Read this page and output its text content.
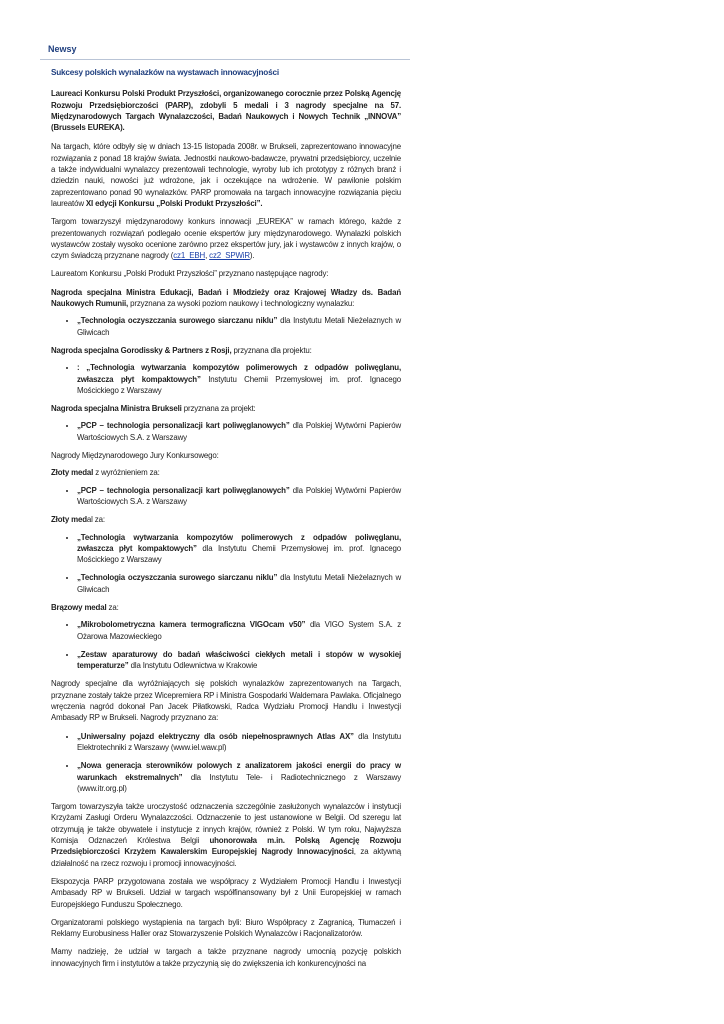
Newsy
Sukcesy polskich wynalazków na wystawach innowacyjności

Laureaci Konkursu Polski Produkt Przyszłości, organizowanego corocznie przez Polską Agencję Rozwoju Przedsiębiorczości (PARP), zdobyli 5 medali i 3 nagrody specjalne na 57. Międzynarodowych Targach Wynalazczości, Badań Naukowych i Nowych Technik „INNOVA” (Brussels EUREKA).

Na targach, które odbyły się w dniach 13-15 listopada 2008r. w Brukseli, zaprezentowano innowacyjne rozwiązania z ponad 18 krajów świata. Jednostki naukowo-badawcze, prywatni przedsiębiorcy, uczelnie a także indywidualni wynalazcy prezentowali technologie, wyroby lub ich prototypy z różnych branż i dziedzin nauki, nowości już wdrożone, jak i oczekujące na wdrożenie. W pawilonie polskim zaprezentowano ponad 90 wynalazków. PARP promowała na targach innowacyjne rozwiązania pięciu laureatów XI edycji Konkursu „Polski Produkt Przyszłości”.

Targom towarzyszył międzynarodowy konkurs innowacji „EUREKA” w ramach którego, każde z prezentowanych rozwiązań podlegało ocenie ekspertów jury międzynarodowego. Wynalazki polskich wystawców zostały wysoko ocenione zarówno przez ekspertów jury, jak i wystawców z innych krajów, o czym świadczą przyznane nagrody (cz1_EBH, cz2_SPWiR).

Laureatom Konkursu „Polski Produkt Przyszłości” przyznano następujące nagrody:

Nagroda specjalna Ministra Edukacji, Badań i Młodzieży oraz Krajowej Władzy ds. Badań Naukowych Rumunii, przyznana za wysoki poziom naukowy i technologiczny wynalazku:

• „Technologia oczyszczania surowego siarczanu niklu” dla Instytutu Metali Nieżelaznych w Gliwicach

Nagroda specjalna Gorodissky & Partners z Rosji, przyznana dla projektu:

• : „Technologia wytwarzania kompozytów polimerowych z odpadów poliwęglanu, zwłaszcza płyt kompaktowych” Instytutu Chemii Przemysłowej im. prof. Ignacego Mościckiego z Warszawy

Nagroda specjalna Ministra Brukseli przyznana za projekt:

• „PCP – technologia personalizacji kart poliwęglanowych” dla Polskiej Wytwórni Papierów Wartościowych S.A. z Warszawy

Nagrody Międzynarodowego Jury Konkursowego:

Złoty medal z wyróżnieniem za:

• „PCP – technologia personalizacji kart poliwęglanowych” dla Polskiej Wytwórni Papierów Wartościowych S.A. z Warszawy

Złoty medal za:

• „Technologia wytwarzania kompozytów polimerowych z odpadów poliwęglanu, zwłaszcza płyt kompaktowych” dla Instytutu Chemii Przemysłowej im. prof. Ignacego Mościckiego z Warszawy
• „Technologia oczyszczania surowego siarczanu niklu” dla Instytutu Metali Nieżelaznych w Gliwicach

Brązowy medal za:

• „Mikrobolometryczna kamera termograficzna VIGOcam v50” dla VIGO System S.A. z Ożarowa Mazowieckiego
• „Zestaw aparaturowy do badań właściwości ciekłych metali i stopów w wysokiej temperaturze” dla Instytutu Odlewnictwa w Krakowie

Nagrody specjalne dla wyróżniających się polskich wynalazków zaprezentowanych na Targach, przyznane zostały także przez Wicepremiera RP i Ministra Gospodarki Waldemara Pawlaka. Oficjalnego wręczenia nagród dokonał Pan Jacek Piłatkowski, Radca Wydziału Promocji Handlu i Inwestycji Ambasady RP w Brukseli. Nagrody przyznano za:

• „Uniwersalny pojazd elektryczny dla osób niepełnosprawnych Atlas AX” dla Instytutu Elektrotechniki z Warszawy (www.iel.waw.pl)
• „Nowa generacja sterowników polowych z analizatorem jakości energii do pracy w warunkach ekstremalnych” dla Instytutu Tele- i Radiotechnicznego z Warszawy (www.itr.org.pl)

Targom towarzyszyła także uroczystość odznaczenia szczególnie zasłużonych wynalazców i instytucji Krzyżami Zasługi Orderu Wynalazczości. Odznaczenie to jest ustanowione w Belgii. Od szeregu lat otrzymują je także obywatele i instytucje z innych krajów, również z Polski. W tym roku, Najwyższa Komisja Odznaczeń Królestwa Belgii uhonorowała m.in. Polską Agencję Rozwoju Przedsiębiorczości Krzyżem Kawalerskim Europejskiej Nagrody Innowacyjności, za aktywną działalność na rzecz rozwoju i promocji innowacyjności.

Ekspozycja PARP przygotowana została we współpracy z Wydziałem Promocji Handlu i Inwestycji Ambasady RP w Brukseli. Udział w targach współfinansowany był z Unii Europejskiej w ramach Europejskiego Funduszu Społecznego.

Organizatorami polskiego wystąpienia na targach byli: Biuro Współpracy z Zagranicą, Tłumaczeń i Reklamy Eurobusiness Haller oraz Stowarzyszenie Polskich Wynalazców i Racjonalizatorów.

Mamy nadzieję, że udział w targach a także przyznane nagrody umocnią pozycję polskich innowacyjnych firm i instytutów a także przyczynią się do zwiększenia ich konkurencyjności na
